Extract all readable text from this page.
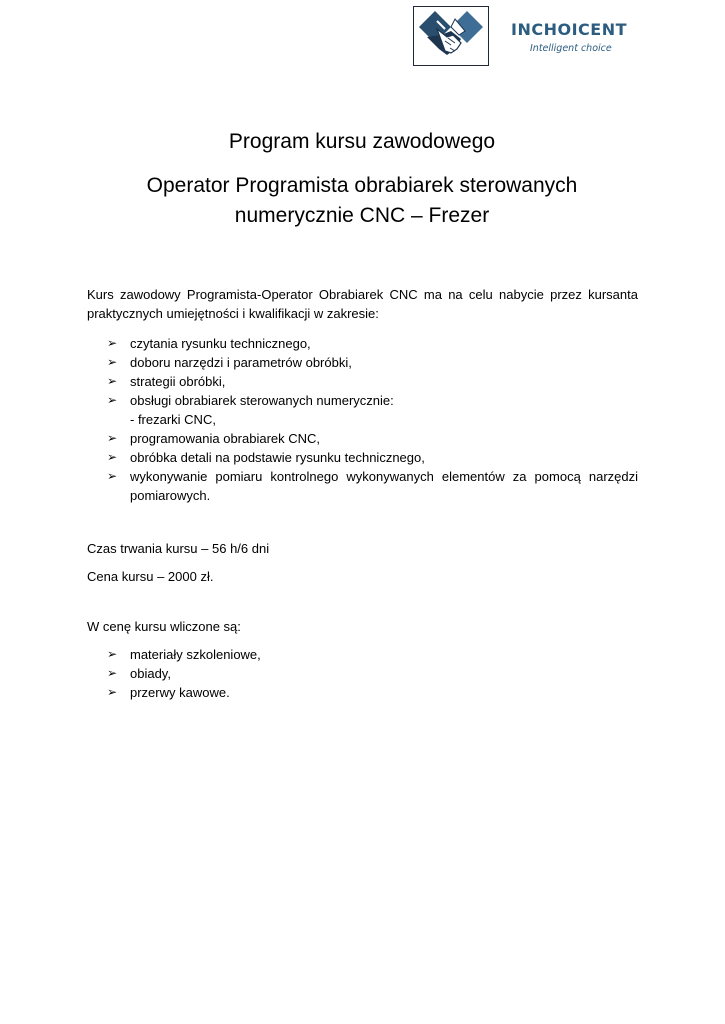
INCHOICENT
Intelligent choice
Program kursu zawodowego
Operator Programista obrabiarek sterowanych numerycznie CNC – Frezer

Kurs zawodowy Programista-Operator Obrabiarek CNC ma na celu nabycie przez kursanta praktycznych umiejętności i kwalifikacji w zakresie:

➢ czytania rysunku technicznego,
➢ doboru narzędzi i parametrów obróbki,
➢ strategii obróbki,
➢ obsługi obrabiarek sterowanych numerycznie:
- frezarki CNC,
➢ programowania obrabiarek CNC,
➢ obróbka detali na podstawie rysunku technicznego,
➢ wykonywanie pomiaru kontrolnego wykonywanych elementów za pomocą narzędzi pomiarowych.

Czas trwania kursu – 56 h/6 dni

Cena kursu – 2000 zł.

W cenę kursu wliczone są:

➢ materiały szkoleniowe,
➢ obiady,
➢ przerwy kawowe.
